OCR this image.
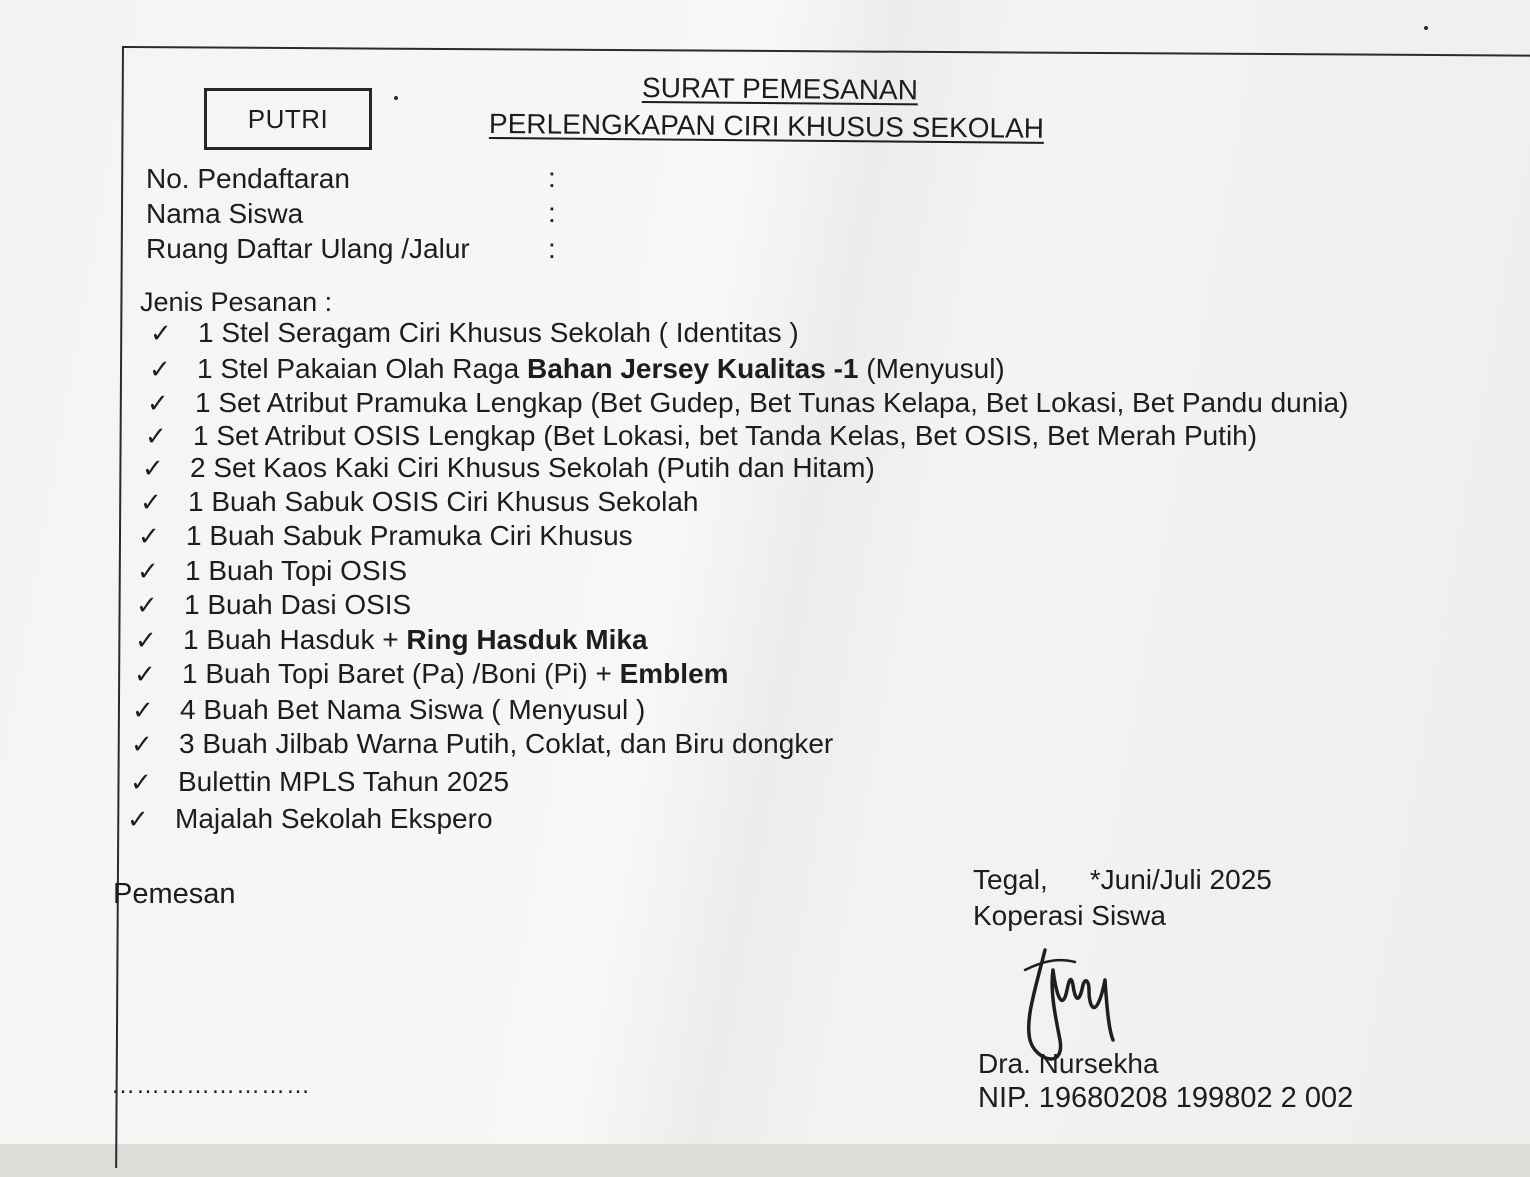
PUTRI
SURAT PEMESANAN
PERLENGKAPAN CIRI KHUSUS SEKOLAH
No. Pendaftaran	:
Nama Siswa	:
Ruang Daftar Ulang /Jalur	:
Jenis Pesanan :
✓ 1 Stel Seragam Ciri Khusus Sekolah ( Identitas )
✓ 1 Stel Pakaian Olah Raga Bahan Jersey Kualitas -1 (Menyusul)
✓ 1 Set Atribut Pramuka Lengkap (Bet Gudep, Bet Tunas Kelapa, Bet Lokasi, Bet Pandu dunia)
✓ 1 Set Atribut OSIS Lengkap (Bet Lokasi, bet Tanda Kelas, Bet OSIS, Bet Merah Putih)
✓ 2 Set Kaos Kaki Ciri Khusus Sekolah (Putih dan Hitam)
✓ 1 Buah Sabuk OSIS Ciri Khusus Sekolah
✓ 1 Buah Sabuk Pramuka Ciri Khusus
✓ 1 Buah Topi OSIS
✓ 1 Buah Dasi OSIS
✓ 1 Buah Hasduk + Ring Hasduk Mika
✓ 1 Buah Topi Baret (Pa) /Boni (Pi) + Emblem
✓ 4 Buah Bet Nama Siswa ( Menyusul )
✓ 3 Buah Jilbab Warna Putih, Coklat, dan Biru dongker
✓ Bulettin MPLS Tahun 2025
✓ Majalah Sekolah Ekspero
Pemesan
……………………
Tegal, *Juni/Juli 2025
Koperasi Siswa
Dra. Nursekha
NIP. 19680208 199802 2 002
